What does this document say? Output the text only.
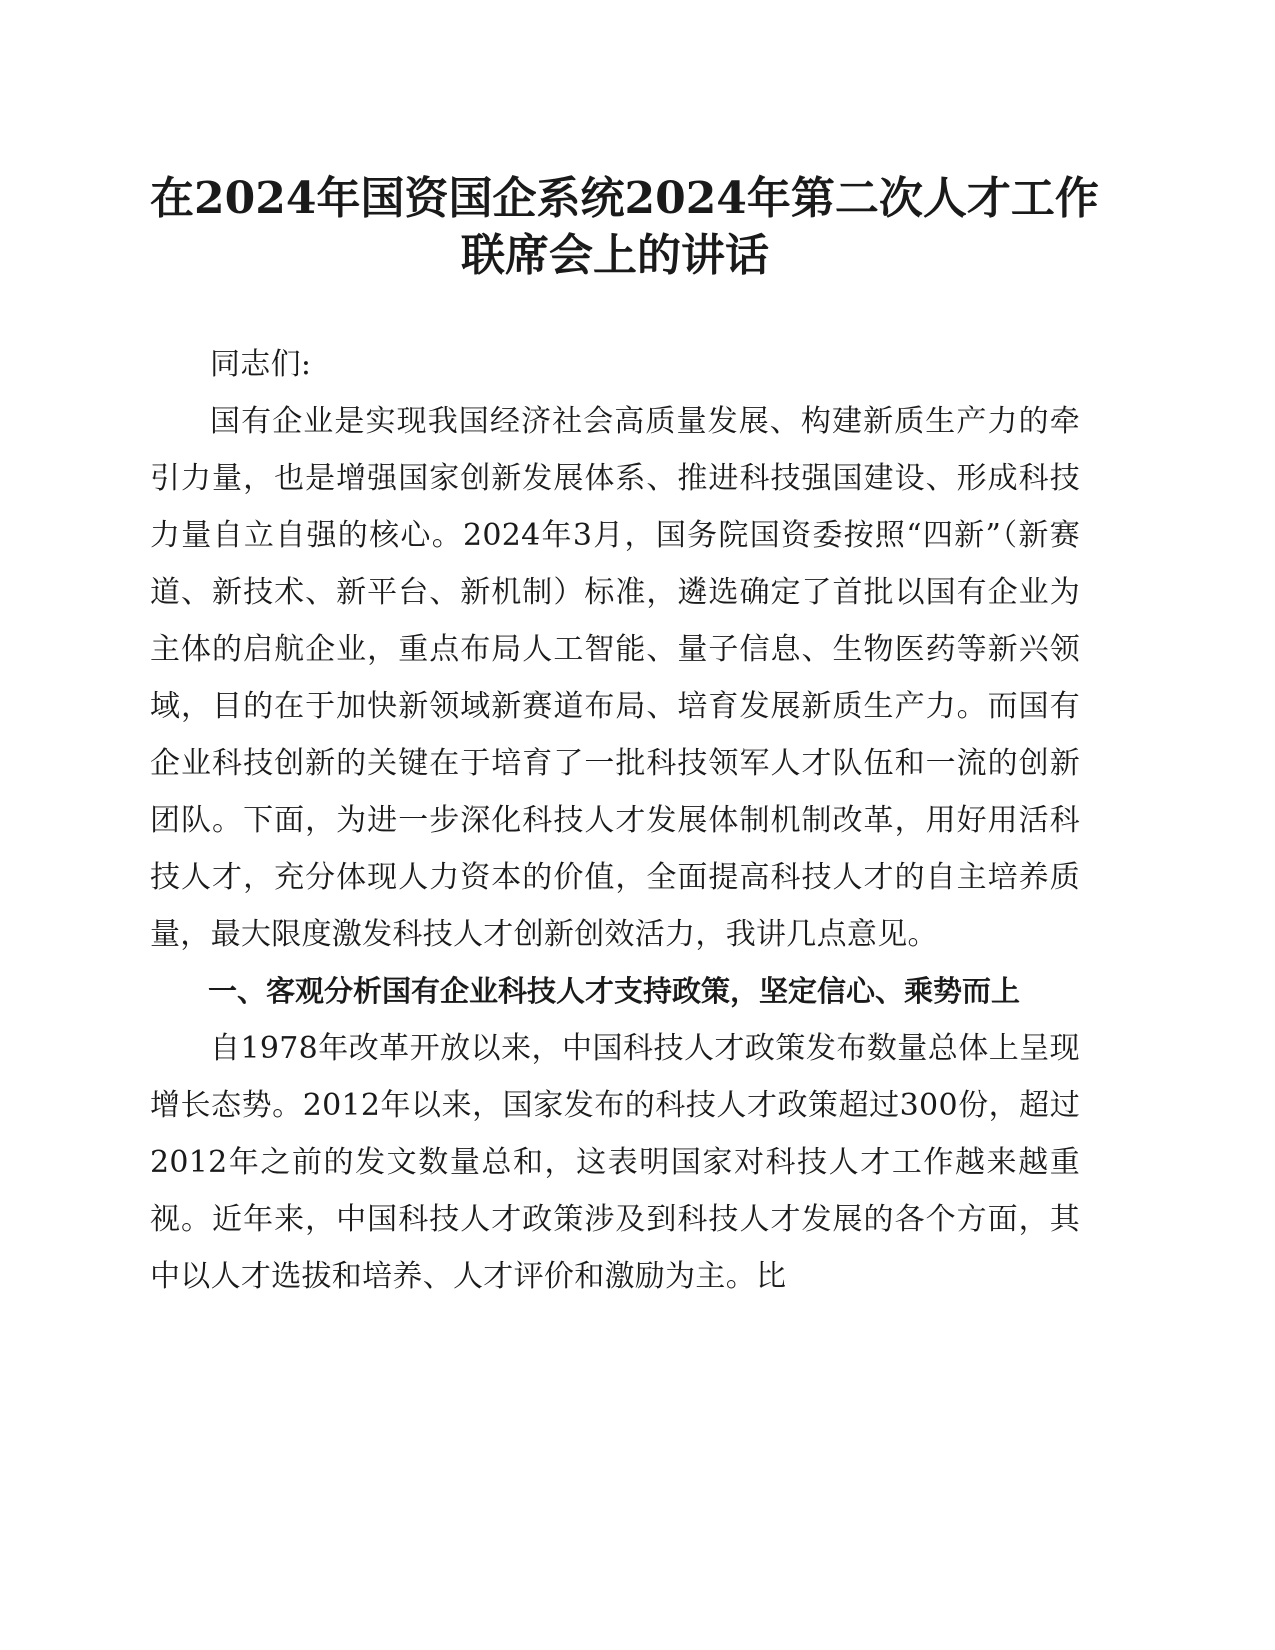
在2024年国资国企系统2024年第二次人才工作
联席会上的讲话

同志们:

国有企业是实现我国经济社会高质量发展、构建新质生产力的牵引力量，也是增强国家创新发展体系、推进科技强国建设、形成科技力量自立自强的核心。2024年3月，国务院国资委按照“四新”（新赛道、新技术、新平台、新机制）标准，遴选确定了首批以国有企业为主体的启航企业，重点布局人工智能、量子信息、生物医药等新兴领域，目的在于加快新领域新赛道布局、培育发展新质生产力。而国有企业科技创新的关键在于培育了一批科技领军人才队伍和一流的创新团队。下面，为进一步深化科技人才发展体制机制改革，用好用活科技人才，充分体现人力资本的价值，全面提高科技人才的自主培养质量，最大限度激发科技人才创新创效活力，我讲几点意见。

一、客观分析国有企业科技人才支持政策，坚定信心、乘势而上

自1978年改革开放以来，中国科技人才政策发布数量总体上呈现增长态势。2012年以来，国家发布的科技人才政策超过300份，超过2012年之前的发文数量总和，这表明国家对科技人才工作越来越重视。近年来，中国科技人才政策涉及到科技人才发展的各个方面，其中以人才选拔和培养、人才评价和激励为主。比
